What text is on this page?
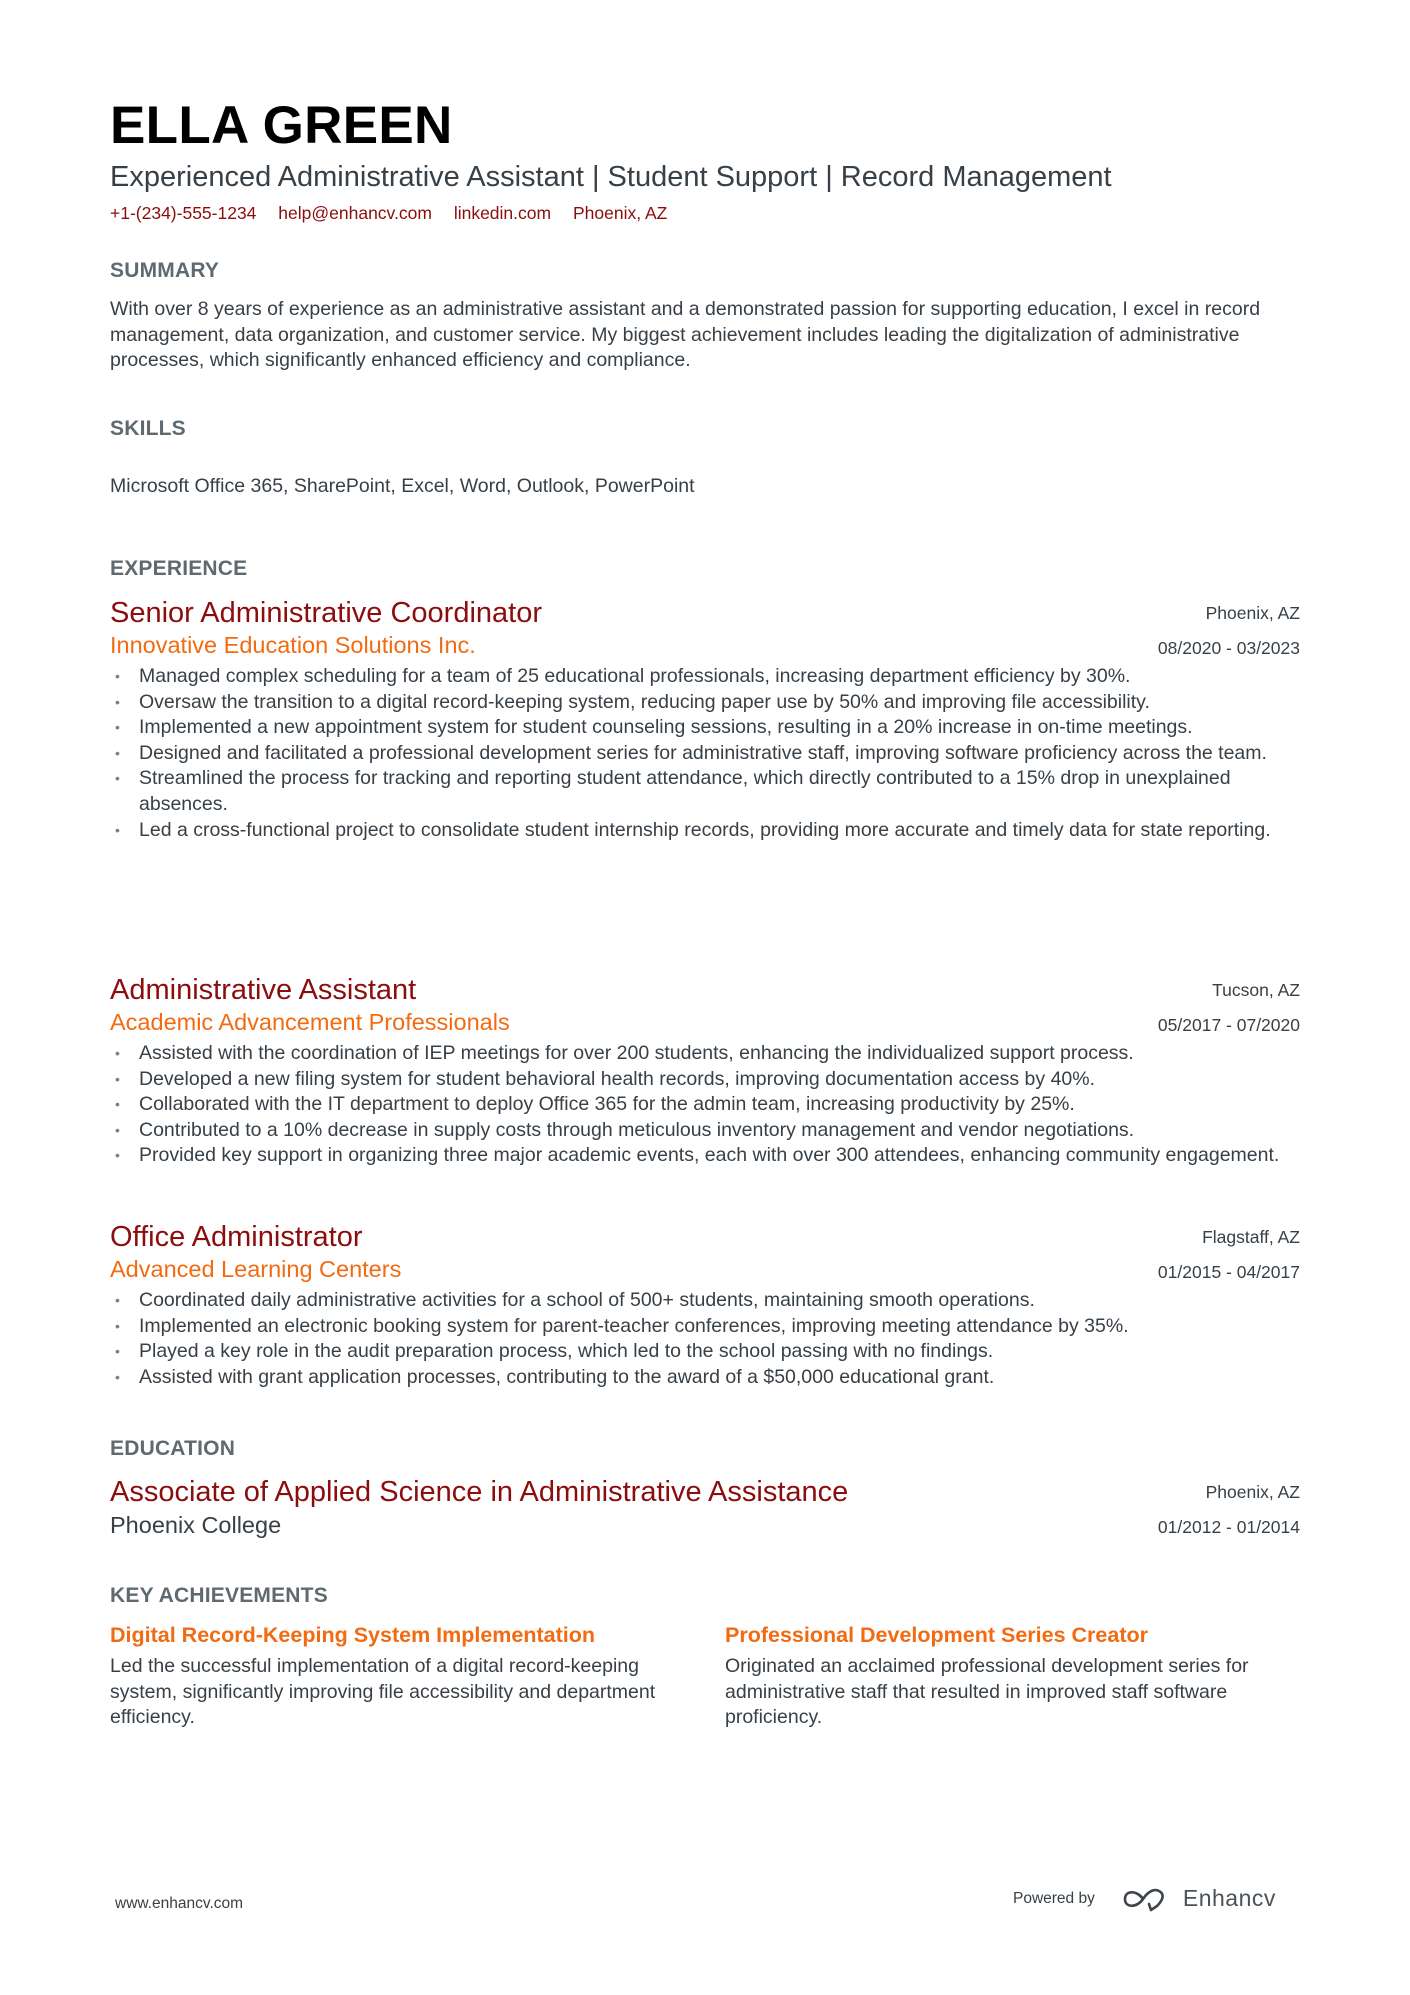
ELLA GREEN
Experienced Administrative Assistant | Student Support | Record Management
+1-(234)-555-1234 help@enhancv.com linkedin.com Phoenix, AZ
SUMMARY
With over 8 years of experience as an administrative assistant and a demonstrated passion for supporting education, I excel in record management, data organization, and customer service. My biggest achievement includes leading the digitalization of administrative processes, which significantly enhanced efficiency and compliance.
SKILLS
Microsoft Office 365, SharePoint, Excel, Word, Outlook, PowerPoint
EXPERIENCE
Senior Administrative Coordinator
Innovative Education Solutions Inc.
Phoenix, AZ
08/2020 - 03/2023
• Managed complex scheduling for a team of 25 educational professionals, increasing department efficiency by 30%.
• Oversaw the transition to a digital record-keeping system, reducing paper use by 50% and improving file accessibility.
• Implemented a new appointment system for student counseling sessions, resulting in a 20% increase in on-time meetings.
• Designed and facilitated a professional development series for administrative staff, improving software proficiency across the team.
• Streamlined the process for tracking and reporting student attendance, which directly contributed to a 15% drop in unexplained absences.
• Led a cross-functional project to consolidate student internship records, providing more accurate and timely data for state reporting.
Administrative Assistant
Academic Advancement Professionals
Tucson, AZ
05/2017 - 07/2020
• Assisted with the coordination of IEP meetings for over 200 students, enhancing the individualized support process.
• Developed a new filing system for student behavioral health records, improving documentation access by 40%.
• Collaborated with the IT department to deploy Office 365 for the admin team, increasing productivity by 25%.
• Contributed to a 10% decrease in supply costs through meticulous inventory management and vendor negotiations.
• Provided key support in organizing three major academic events, each with over 300 attendees, enhancing community engagement.
Office Administrator
Advanced Learning Centers
Flagstaff, AZ
01/2015 - 04/2017
• Coordinated daily administrative activities for a school of 500+ students, maintaining smooth operations.
• Implemented an electronic booking system for parent-teacher conferences, improving meeting attendance by 35%.
• Played a key role in the audit preparation process, which led to the school passing with no findings.
• Assisted with grant application processes, contributing to the award of a $50,000 educational grant.
EDUCATION
Associate of Applied Science in Administrative Assistance
Phoenix College
Phoenix, AZ
01/2012 - 01/2014
KEY ACHIEVEMENTS
Digital Record-Keeping System Implementation
Led the successful implementation of a digital record-keeping system, significantly improving file accessibility and department efficiency.
Professional Development Series Creator
Originated an acclaimed professional development series for administrative staff that resulted in improved staff software proficiency.
www.enhancv.com	Powered by	Enhancv
